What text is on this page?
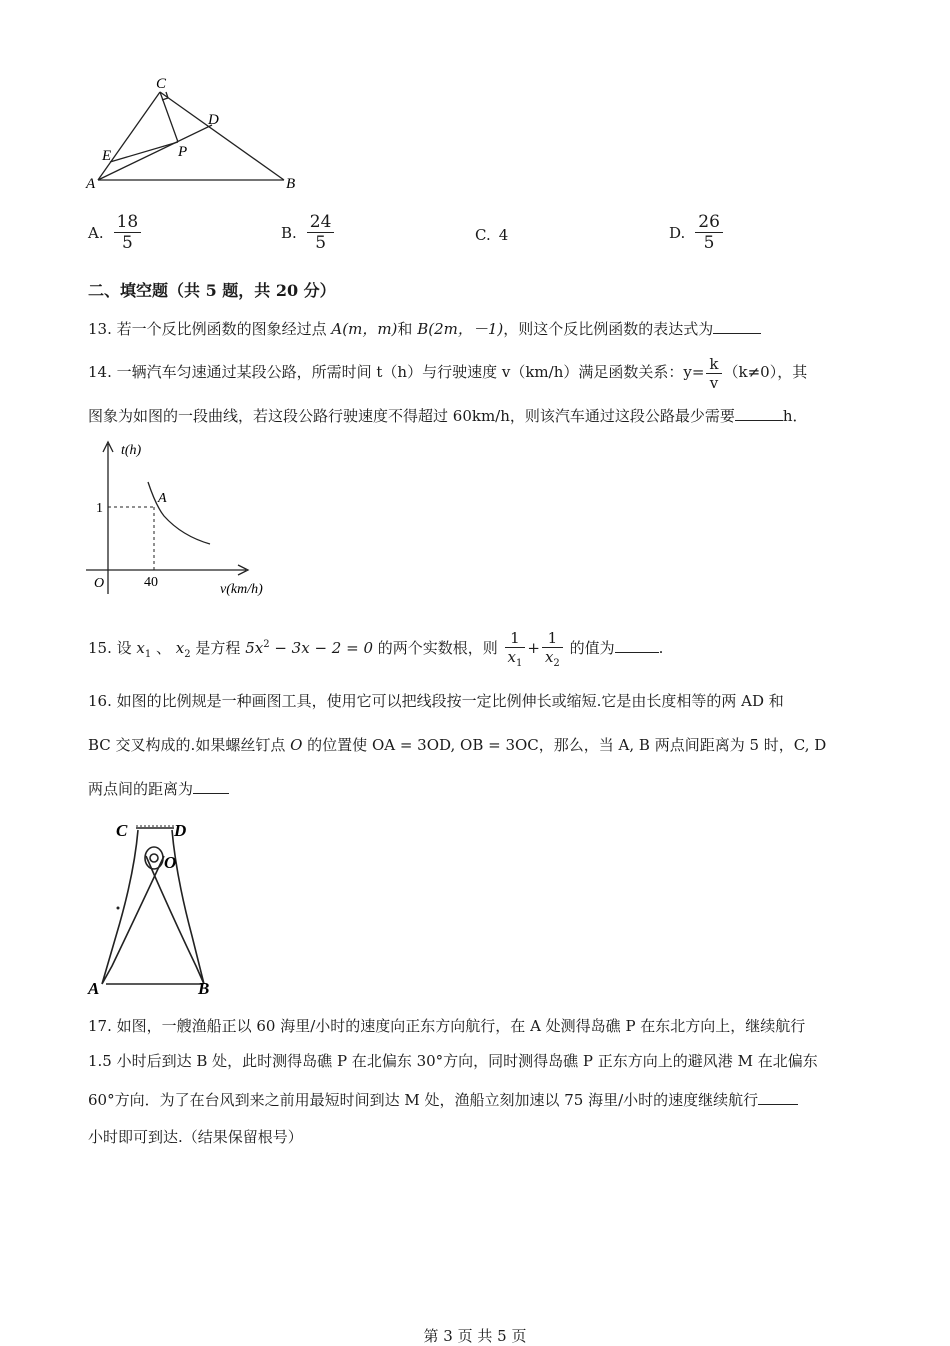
C
D
E	P
A	B
A. $\frac{18}{5}$	B. $\frac{24}{5}$	C. 4	D. $\frac{26}{5}$
二、填空题（共 5 题，共 20 分）
13. 若一个反比例函数的图象经过点 A(m，m)和 B(2m，－1)，则这个反比例函数的表达式为
14. 一辆汽车匀速通过某段公路，所需时间 t（h）与行驶速度 v（km/h）满足函数关系：$y= \frac{k}{v} (k\ne 0)$，其
图象为如图的一段曲线，若这段公路行驶速度不得超过 60km/h，则该汽车通过这段公路最少需要	h．
t(h)
v(km/h)
O
1
40
A
15. 设 $x_1$ 、 $x_2$ 是方程 $5x^2 - 3x - 2 = 0$ 的两个实数根，则 $\frac{1}{x_1} + \frac{1}{x_2}$ 的值为	.
16. 如图的比例规是一种画图工具，使用它可以把线段按一定比例伸长或缩短.它是由长度相等的两 AD 和
BC 交叉构成的.如果螺丝钉点 O 的位置使 OA = 3OD, OB = 3OC，那么，当 A, B 两点间距离为 5 时，C, D
两点间的距离为
C	D
O
A	B
17. 如图，一艘渔船正以 60 海里/小时的速度向正东方向航行，在 A 处测得岛礁 P 在东北方向上，继续航行
1.5 小时后到达 B 处，此时测得岛礁 P 在北偏东 30°方向，同时测得岛礁 P 正东方向上的避风港 M 在北偏东
60°方向．为了在台风到来之前用最短时间到达 M 处，渔船立刻加速以 75 海里/小时的速度继续航行
小时即可到达.（结果保留根号）
第 3 页 共 5 页
